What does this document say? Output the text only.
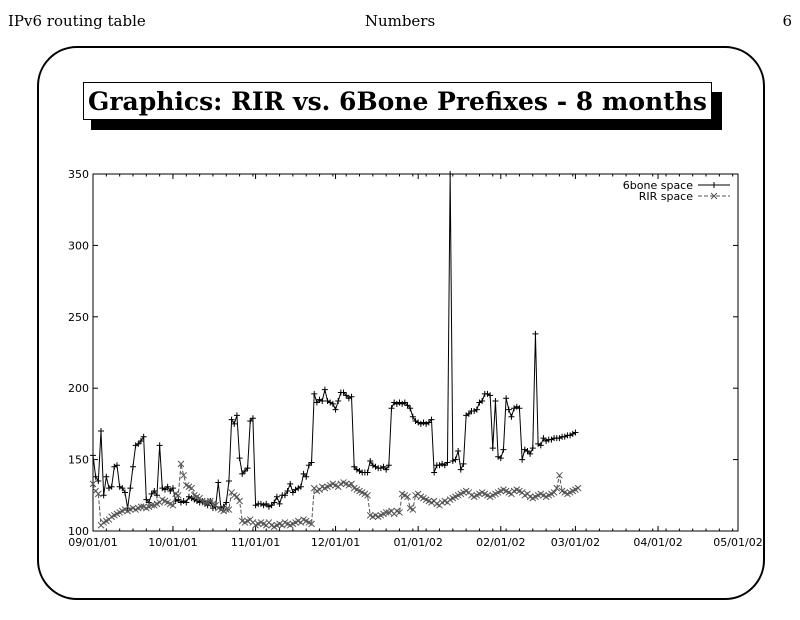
IPv6 routing table	Numbers	6
Graphics: RIR vs. 6Bone Prefixes - 8 months
100
150
200
250
300
350
09/01/01	10/01/01	11/01/01	12/01/01	01/01/02	02/01/02 03/01/02	04/01/02	05/01/02
6bone space
RIR space
